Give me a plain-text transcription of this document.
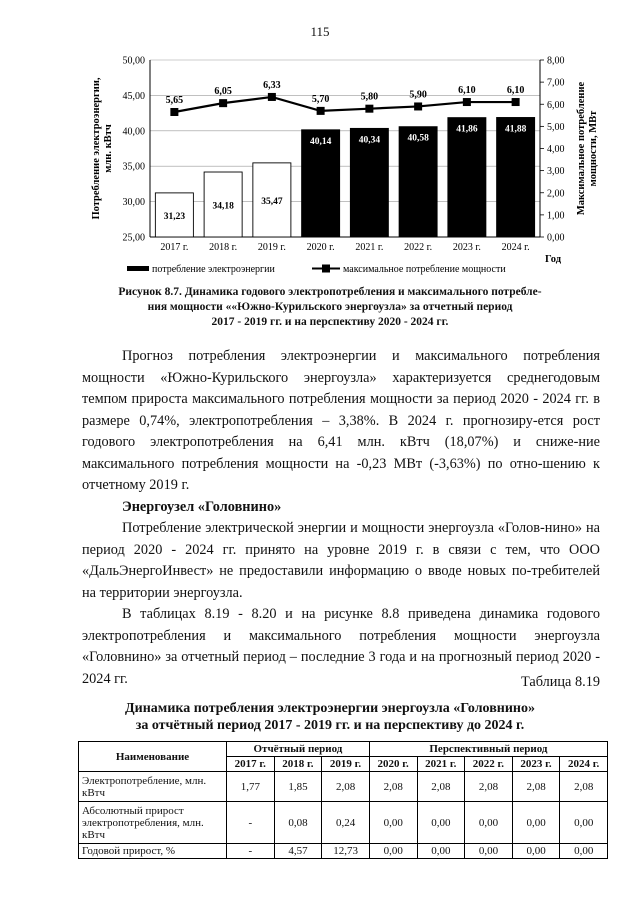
115
25,00
30,00
35,00
40,00
45,00
50,00
0,00
1,00
2,00
3,00
4,00
5,00
6,00
7,00
8,00
31,23
2017 г.
34,18
2018 г.
35,47
2019 г.
40,14
2020 г.
40,34
2021 г.
40,58
2022 г.
41,86
2023 г.
41,88
2024 г.
5,65
6,05
6,33
5,70	5,80	5,90	6,10	6,10
Потребление электроэнергии,млн. кВтч	Максимальное потреблениемощности, МВт
Год
потребление электроэнергии	максимальное потребление мощности
Рисунок 8.7. Динамика годового электропотребления и максимального потребле-
ния мощности ««Южно-Курильского энергоузла» за отчетный период
2017 - 2019 гг. и на перспективу 2020 - 2024 гг.

Прогноз потребления электроэнергии и максимального потребления мощности «Южно-Курильского энергоузла» характеризуется среднегодовым темпом прироста максимального потребления мощности за период 2020 - 2024 гг. в размере 0,74%, электропотребления – 3,38%. В 2024 г. прогнозиру-ется рост годового электропотребления на 6,41 млн. кВтч (18,07%) и сниже-ние максимального потребления мощности на -0,23 МВт (-3,63%) по отно-шению к отчетному 2019 г.

Энергоузел «Головнино»

Потребление электрической энергии и мощности энергоузла «Голов-нино» на период 2020 - 2024 гг. принято на уровне 2019 г. в связи с тем, что ООО «ДальЭнергоИнвест» не предоставили информацию о вводе новых по-требителей на территории энергоузла.

В таблицах 8.19 - 8.20 и на рисунке 8.8 приведена динамика годового электропотребления и максимального потребления мощности энергоузла «Головнино» за отчетный период – последние 3 года и на прогнозный период 2020 - 2024 гг.	Таблица 8.19
Динамика потребления электроэнергии энергоузла «Головнино»
за отчётный период 2017 - 2019 гг. и на перспективу до 2024 г.
Наименование	Отчётный период			Перспективный период				
	2017 г.	2018 г.	2019 г.	2020 г.	2021 г.	2022 г.	2023 г.	2024 г.
Электропотребление, млн. кВтч	1,77	1,85	2,08	2,08	2,08	2,08	2,08	2,08
Абсолютный прирост электропотребления, млн. кВтч	-	0,08	0,24	0,00	0,00	0,00	0,00	0,00
Годовой прирост, %	-	4,57	12,73	0,00	0,00	0,00	0,00	0,00
